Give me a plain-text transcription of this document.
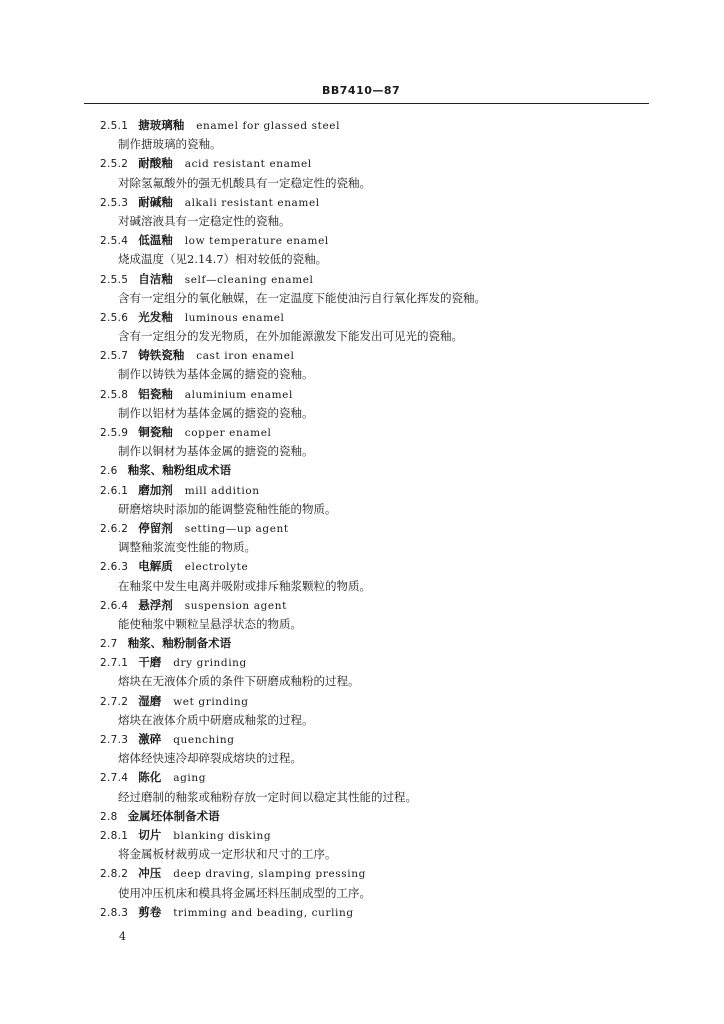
BB7410—87
2.5.1 搪玻璃釉 enamel for glassed steel
制作搪玻璃的瓷釉。
2.5.2 耐酸釉 acid resistant enamel
对除氢氟酸外的强无机酸具有一定稳定性的瓷釉。
2.5.3 耐碱釉 alkali resistant enamel
对碱溶液具有一定稳定性的瓷釉。
2.5.4 低温釉 low temperature enamel
烧成温度（见2.14.7）相对较低的瓷釉。
2.5.5 自洁釉 self—cleaning enamel
含有一定组分的氧化触媒，在一定温度下能使油污自行氧化挥发的瓷釉。
2.5.6 光发釉 luminous enamel
含有一定组分的发光物质，在外加能源激发下能发出可见光的瓷釉。
2.5.7 铸铁瓷釉 cast iron enamel
制作以铸铁为基体金属的搪瓷的瓷釉。
2.5.8 铝瓷釉 aluminium enamel
制作以铝材为基体金属的搪瓷的瓷釉。
2.5.9 铜瓷釉 copper enamel
制作以铜材为基体金属的搪瓷的瓷釉。
2.6 釉浆、釉粉组成术语
2.6.1 磨加剂 mill addition
研磨熔块时添加的能调整瓷釉性能的物质。
2.6.2 停留剂 setting—up agent
调整釉浆流变性能的物质。
2.6.3 电解质 electrolyte
在釉浆中发生电离并吸附或排斥釉浆颗粒的物质。
2.6.4 悬浮剂 suspension agent
能使釉浆中颗粒呈悬浮状态的物质。
2.7 釉浆、釉粉制备术语
2.7.1 干磨 dry grinding
熔块在无液体介质的条件下研磨成釉粉的过程。
2.7.2 湿磨 wet grinding
熔块在液体介质中研磨成釉浆的过程。
2.7.3 激碎 quenching
熔体经快速冷却碎裂成熔块的过程。
2.7.4 陈化 aging
经过磨制的釉浆或釉粉存放一定时间以稳定其性能的过程。
2.8 金属坯体制备术语
2.8.1 切片 blanking disking
将金属板材裁剪成一定形状和尺寸的工序。
2.8.2 冲压 deep draving, slamping pressing
使用冲压机床和模具将金属坯料压制成型的工序。
2.8.3 剪卷 trimming and beading, curling
4
